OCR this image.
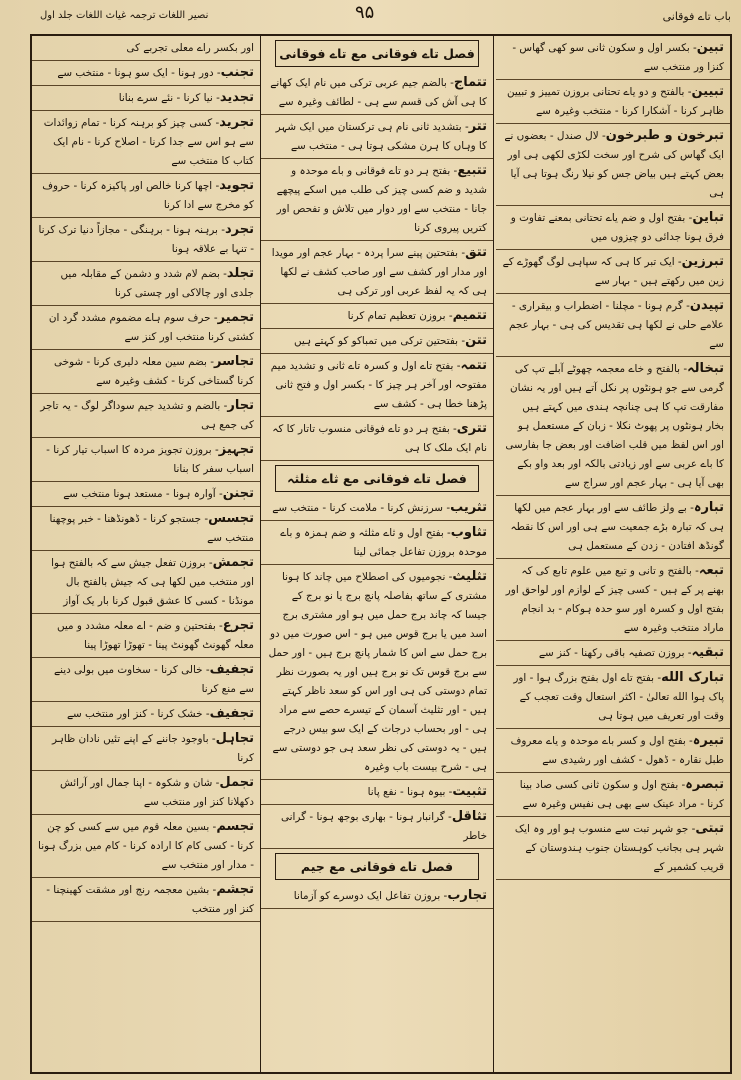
باب تاے فوقانی
۹۵
نصیر اللغات ترجمہ غیاث اللغات جلد اول
تبین- بکسر اول و سکون ثانی سو کھی گھاس - کنزا ور منتخب سے
تبیین- بالفتح و دو یاے تحتانی بروزن تمییز و تبیین ظاہر کرنا - آشکارا کرنا - منتخب وغیرہ سے
تبرخون و طبرخون- لال صندل - بعضوں نے ایک گھاس کی شرح اور سخت لکڑی لکھی ہی اور بعض کہتے ہیں بیاض جس کو نیلا رنگ ہوتا ہی آیا ہی
تباین- بفتح اول و ضم یاے تحتانی بمعنے تفاوت و فرق ہونا جدائی دو چیزوں میں
تبرزین- ایک تبر کا ہی کہ سپاہی لوگ گھوڑے کے زین میں رکھتے ہیں - بہار سے
تپیدن- گرم ہونا - مچلنا - اضطراب و بیقراری - علامے حلی نے لکھا ہی تقدیس کی ہی - بہار عجم سے
تبخالہ- بالفتح و خاے معجمہ چھوٹے آبلے تپ کی گرمی سے جو ہونٹوں پر نکل آتے ہیں اور یہ نشان مفارقت تپ کا ہی چنانچہ ہندی میں کہتے ہیں بخار ہونٹوں پر پھوٹ نکلا - زبان کے مستعمل ہو اور اس لفظ میں قلب اضافت اور بعض جا بفارسی کا باے عربی سے اور زیادتی بالکہ اور بعد واو بکے بھی آیا ہی - بہار عجم اور سراج سے
تبارہ- بے ولز طائف سے اور بہار عجم میں لکھا ہی کہ تبارہ بڑے جمعیت سے ہی اور اس کا نقطہ گونڈھ افتادن - زدن کے مستعمل ہی
تبعہ- بالفتح و تانی و تبع میں علوم تابع کی کہ بھنے پر کے ہیں - کسی چیز کے لوازم اور لواحق اور بفتح اول و کسرہ اور سو حدہ ہوکام - بد انجام ماراد منتخب وغیرہ سے
تبقیہ- بروزن تصفیہ باقی رکھنا - کنز سے
تبارک الله- بفتح تاے اول بفتح بزرگ ہوا - اور پاک ہوا الله تعالیٰ - اکثر استعال وقت تعجب کے وقت اور تعریف میں ہوتا ہی
تبیرہ- بفتح اول و کسر باے موحدہ و یاے معروف طبل نقارہ - ڈھول - کشف اور رشیدی سے
تبصرہ- بفتح اول و سکون ثانی کسی صاد بینا کرنا - مراد عینک سے بھی ہی نفیس وغیرہ سے
تبتی- جو شہر تبت سے منسوب ہو اور وہ ایک شہر ہی بجانب کوہستان جنوب ہندوستان کے قریب کشمیر کے
فصل تاے فوقانی مع تاے فوقانی
تتماج- بالضم جیم عربی ترکی میں نام ایک کھانے کا ہی آش کی قسم سے ہی - لطائف وغیرہ سے
تتر- بتشدید ثانی نام ہی ترکستان میں ایک شہر کا وہاں کا ہرن مشکی ہوتا ہی - منتخب سے
تتبیع- بفتح ہر دو تاے فوقانی و باے موحدہ و شدید و ضم کسی چیز کی طلب میں اسکے پیچھے جانا - منتخب سے اور دوار میں تلاش و تفحص اور کتریں پیروی کرنا
تتق- بفتحتین پینے سرا پردہ - بہار عجم اور مویدا اور مدار اور کشف سے اور صاحب کشف نے لکھا ہی کہ یہ لفظ عربی اور ترکی ہی
تتمیم- بروزن تعظیم تمام کرنا
تتن- بفتحتین ترکی میں تمباکو کو کہتے ہیں
تتمہ- بفتح تاے اول و کسرہ تاے ثانی و تشدید میم مفتوحہ اور آخر ہر چیز کا - بکسر اول و فتح ثانی پڑھنا خطا ہی - کشف سے
تتری- بفتح ہر دو تاے فوقانی منسوب تاتار کا کہ نام ایک ملک کا ہی
فصل تاے فوقانی مع ثاے مثلثہ
تثریب- سرزنش کرنا - ملامت کرنا - منتخب سے
تثاوب- بفتح اول و ثاے مثلثہ و ضم ہمزہ و باے موحدہ بروزن تفاعل جمائی لینا
تثلیث- نجومیوں کی اصطلاح میں چاند کا ہونا مشتری کے ساتھ بفاصلہ پانچ برج یا نو برج کے جیسا کہ چاند برج حمل میں ہو اور مشتری برج اسد میں یا برج قوس میں ہو - اس صورت میں دو برج حمل سے اس کا شمار پانچ برج ہیں - اور حمل سے برج قوس تک نو برج ہیں اور یہ بصورت نظر تمام دوستی کی ہی اور اس کو سعد ناظر کہتے ہیں - اور تثلیث آسمان کے تیسرے حصے سے مراد ہی - اور بحساب درجات کے ایک سو بیس درجے ہیں - یہ دوستی کی نظر سعد ہی جو دوستی سے ہی - شرح بیست باب وغیرہ
تثبیت- بیوہ ہونا - نفع پانا
تثاقل- گرانبار ہونا - بھاری بوجھ ہونا - گرانی خاطر
فصل تاے فوقانی مع جیم
تجارب- بروزن تفاعل ایک دوسرے کو آزمانا
اور بکسر راے معلی تجربے کی
تجنب- دور ہونا - ایک سو ہونا - منتخب سے
تجدید- نیا کرنا - نئے سرے بنانا
تجرید- کسی چیز کو برہنہ کرنا - تمام زوائدات سے ہو اس سے جدا کرنا - اصلاح کرنا - نام ایک کتاب کا منتخب سے
تجوید- اچھا کرنا خالص اور پاکیزہ کرنا - حروف کو مخرج سے ادا کرنا
تجرد- برہنہ ہونا - برہنگی - مجازاً دنیا ترک کرنا - تنہا بے علاقہ ہونا
تجلد- بضم لام شدد و دشمن کے مقابلہ میں جلدی اور چالاکی اور چستی کرنا
تجمیر- حرف سوم ہاے مضموم مشدد گرد ان کشتی کرنا منتخب اور کنز سے
تجاسر- بضم سین معلہ دلیری کرنا - شوخی کرنا گستاخی کرنا - کشف وغیرہ سے
تجار- بالضم و تشدید جیم سوداگر لوگ - یہ تاجر کی جمع ہی
تجہیز- بروزن تجویز مردہ کا اسباب تیار کرنا - اسباب سفر کا بنانا
تجنن- آوارہ ہونا - مستعد ہونا منتخب سے
تجسس- جستجو کرنا - ڈھونڈھنا - خبر پوچھنا منتخب سے
تجمش- بروزن تفعل جیش سے کہ بالفتح ہوا اور منتخب میں لکھا ہی کہ جیش بالفتح بال مونڈنا - کسی کا عشق قبول کرنا بار یک آواز
تجرع- بفتحتین و ضم - اے معلہ مشدد و میں معلہ گھونٹ گھونٹ پینا - تھوڑا تھوڑا پینا
تجفیف- خالی کرنا - سخاوت میں بولی دینے سے منع کرنا
تجفیف- خشک کرنا - کنز اور منتخب سے
تجاہل- باوجود جاننے کے اپنے تئیں نادان ظاہر کرنا
تجمل- شان و شکوہ - اپنا جمال اور آرائش دکھلانا کنز اور منتخب سے
تجسم- بسین معلہ قوم میں سے کسی کو چن کرنا - کسی کام کا ارادہ کرنا - کام میں بزرگ ہونا - مدار اور منتخب سے
تجشم- بشین معجمہ رنج اور مشقت کھینچنا - کنز اور منتخب
